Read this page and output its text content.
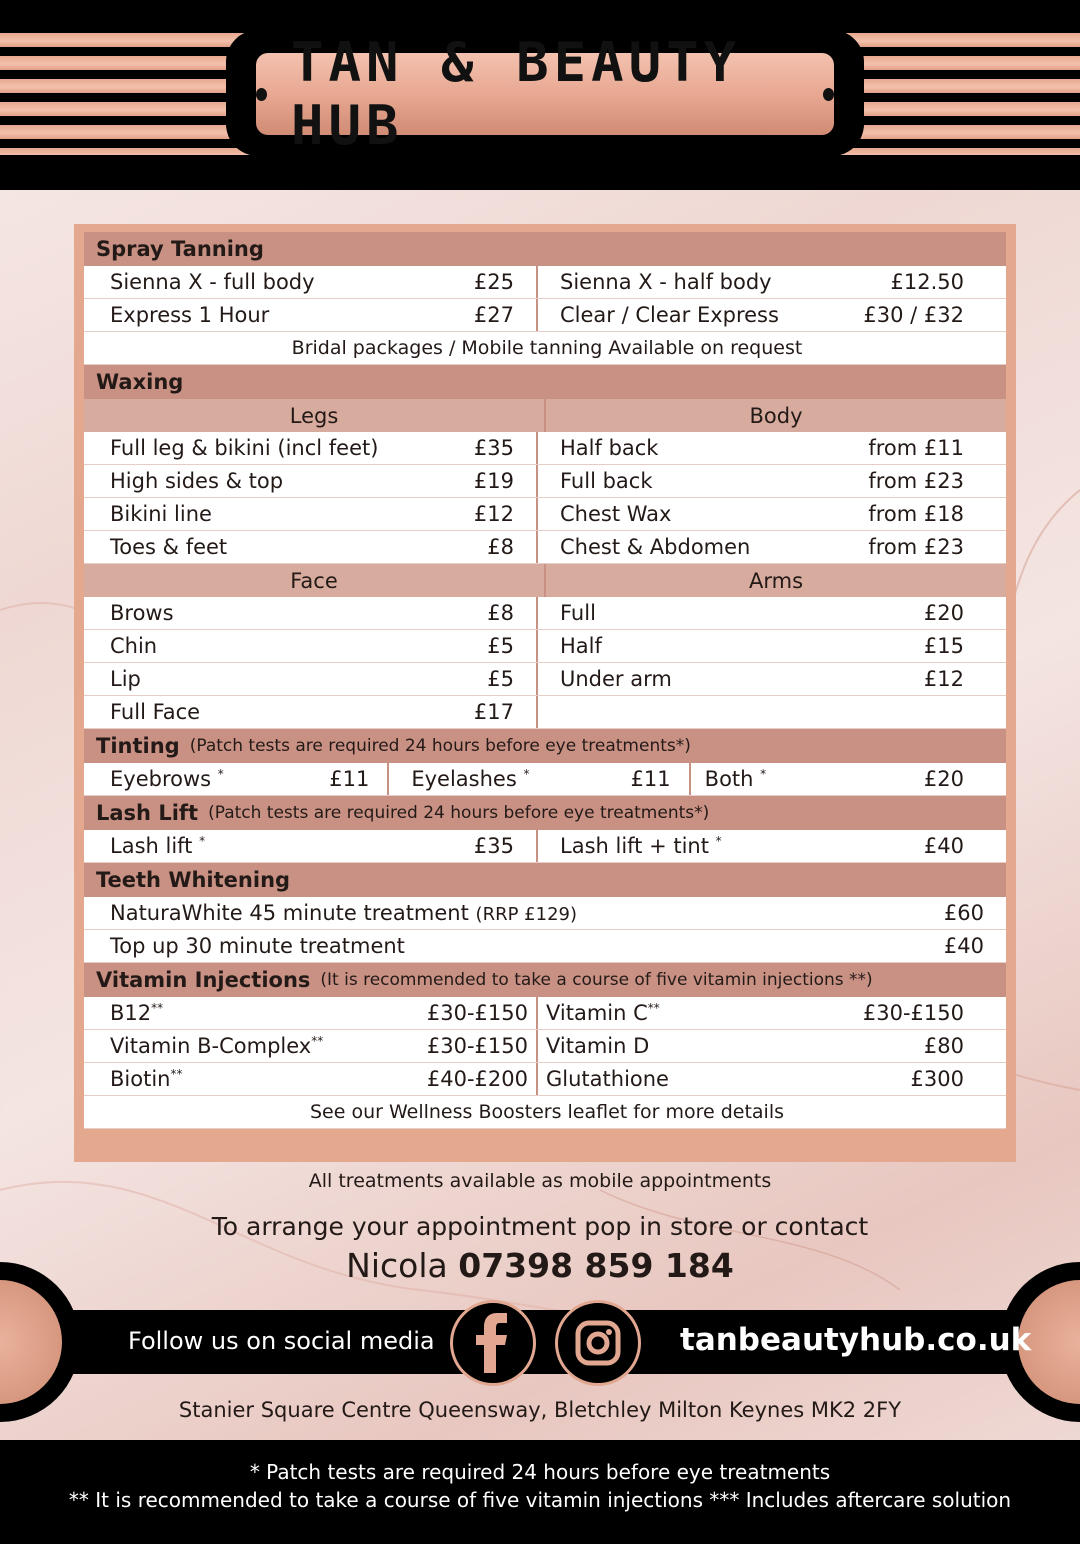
TAN & BEAUTY HUB
Spray Tanning
Sienna X - full body	£25 Sienna X - half body	£12.50
Express 1 Hour	£27 Clear / Clear Express	£30 / £32
Bridal packages / Mobile tanning Available on request
Waxing
Legs	Body
Full leg & bikini (incl feet)	£35 Half back	from £11
High sides & top	£19 Full back	from £23
Bikini line	£12 Chest Wax	from £18
Toes & feet	£8 Chest & Abdomen	from £23
Face	Arms
Brows	£8 Full	£20
Chin	£5 Half	£15
Lip	£5 Under arm	£12
Full Face	£17
Tinting (Patch tests are required 24 hours before eye treatments*)
Eyebrows *	£11 Eyelashes *	£11 Both *	£20
Lash Lift (Patch tests are required 24 hours before eye treatments*)
Lash lift *	£35 Lash lift + tint *	£40
Teeth Whitening
NaturaWhite 45 minute treatment (RRP £129)	£60
Top up 30 minute treatment	£40
Vitamin Injections (It is recommended to take a course of five vitamin injections **)
B12**	£30-£150 Vitamin C**	£30-£150
Vitamin B-Complex**	£30-£150 Vitamin D	£80
Biotin**	£40-£200 Glutathione	£300
See our Wellness Boosters leaflet for more details
All treatments available as mobile appointments
To arrange your appointment pop in store or contact
Nicola 07398 859 184
Follow us on social media	tanbeautyhub.co.uk
Stanier Square Centre Queensway, Bletchley Milton Keynes MK2 2FY
* Patch tests are required 24 hours before eye treatments
** It is recommended to take a course of five vitamin injections *** Includes aftercare solution
